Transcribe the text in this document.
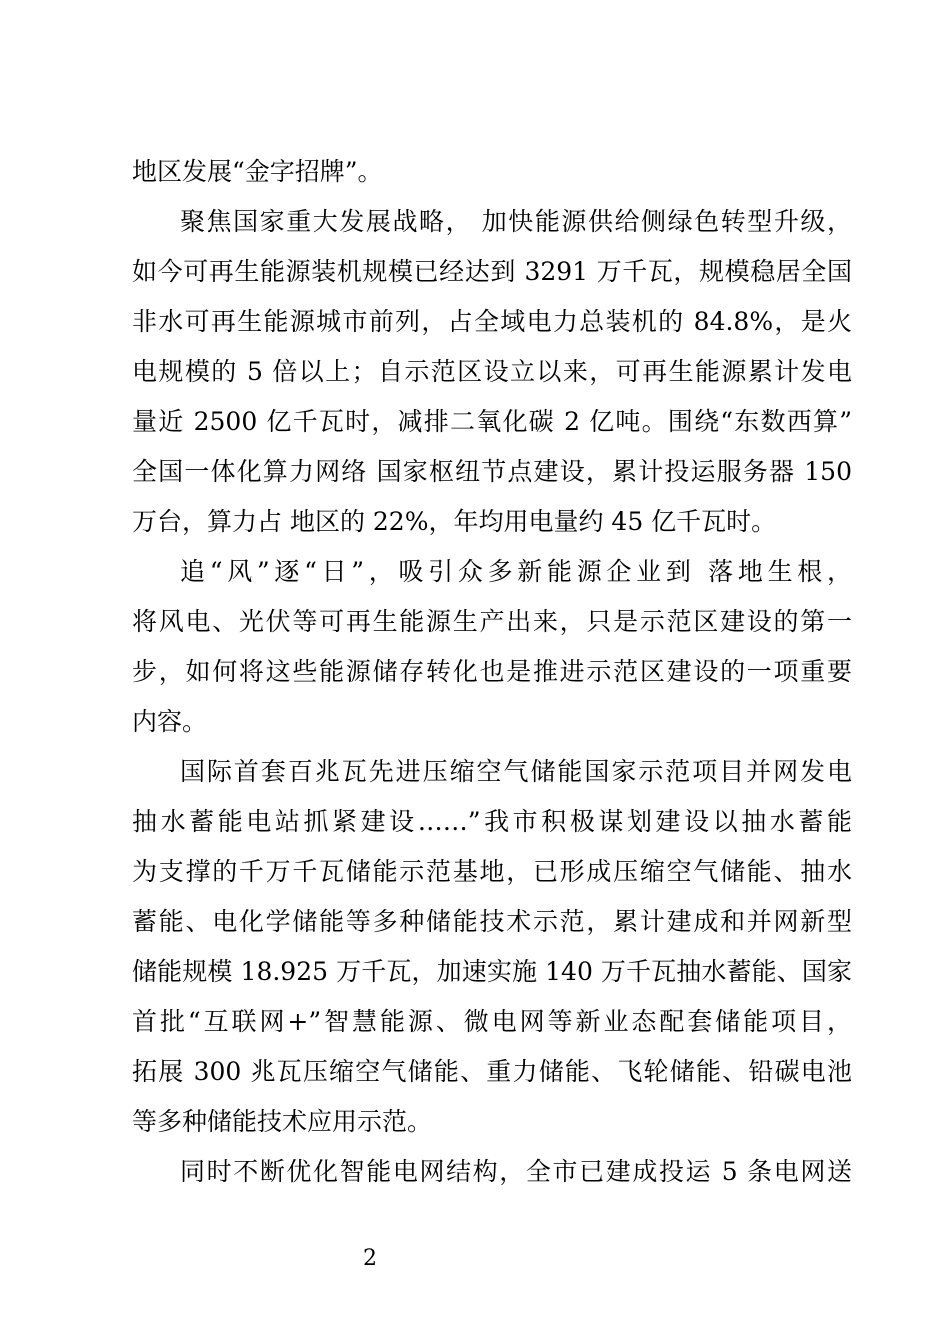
地区发展“金字招牌”。
聚焦国家重大发展战略， 加快能源供给侧绿色转型升级，
如今可再生能源装机规模已经达到 3291 万千瓦，规模稳居全国
非水可再生能源城市前列，占全域电力总装机的 84.8%，是火
电规模的 5 倍以上；自示范区设立以来，可再生能源累计发电
量近 2500 亿千瓦时，减排二氧化碳 2 亿吨。围绕“东数西算”
全国一体化算力网络 国家枢纽节点建设，累计投运服务器 150
万台，算力占 地区的 22%，年均用电量约 45 亿千瓦时。
追“风”逐“日”，吸引众多新能源企业到 落地生根，
将风电、光伏等可再生能源生产出来，只是示范区建设的第一
步，如何将这些能源储存转化也是推进示范区建设的一项重要
内容。
国际首套百兆瓦先进压缩空气储能国家示范项目并网发电
抽水蓄能电站抓紧建设……”我市积极谋划建设以抽水蓄能
为支撑的千万千瓦储能示范基地，已形成压缩空气储能、抽水
蓄能、电化学储能等多种储能技术示范，累计建成和并网新型
储能规模 18.925 万千瓦，加速实施 140 万千瓦抽水蓄能、国家
首批“互联网+”智慧能源、微电网等新业态配套储能项目，
拓展 300 兆瓦压缩空气储能、重力储能、飞轮储能、铅碳电池
等多种储能技术应用示范。
同时不断优化智能电网结构，全市已建成投运 5 条电网送
2
